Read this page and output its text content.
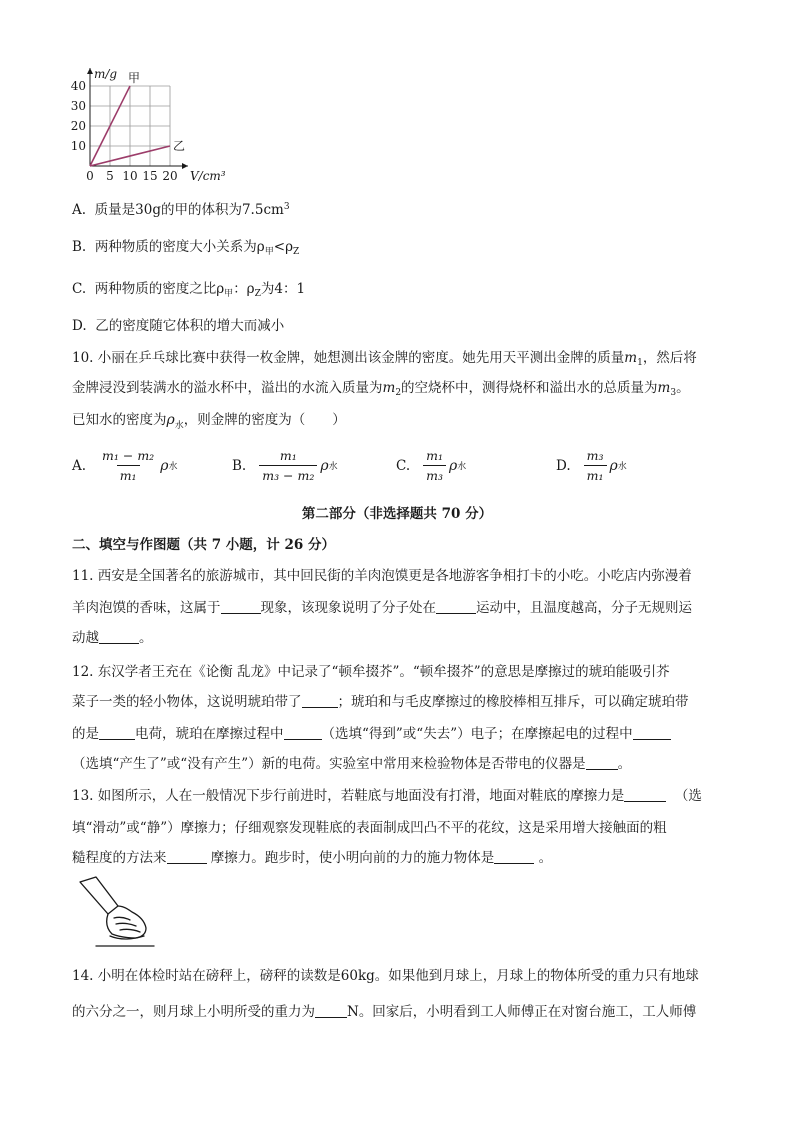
0 5 10 15 20
10
20
30
40
V/cm³
m/g 甲
乙
A. 质量是30g的甲的体积为$7.5cm^3$
B. 两种物质的密度大小关系为$\rho_甲<\rho_Z$
C. 两种物质的密度之比$\rho_甲$：$\rho_Z$为4：1
D. 乙的密度随它体积的增大而减小
10. 小丽在乒乓球比赛中获得一枚金牌，她想测出该金牌的密度。她先用天平测出金牌的质量$m_1$，然后将
金牌浸没到装满水的溢水杯中，溢出的水流入质量为$m_2$的空烧杯中，测得烧杯和溢出水的总质量为$m_3$。
已知水的密度为$\rho_水$，则金牌的密度为（　　）
A. $\frac{\text{m₁ − m₂}}{\text{m₁}}$ ρ 水	B. $\frac{\text{m₁}}{\text{m₃ − m₂}}$ ρ 水	C. $\frac{\text{m₁}}{\text{m₃}}$ ρ 水	D. $\frac{\text{m₃}}{\text{m₁}}$ ρ 水
第二部分（非选择题共 70 分）
二、填空与作图题（共 7 小题，计 26 分）
11. 西安是全国著名的旅游城市，其中回民街的羊肉泡馍更是各地游客争相打卡的小吃。小吃店内弥漫着
羊肉泡馍的香味，这属于	现象，该现象说明了分子处在	运动中，且温度越高，分子无规则运
动越	。
12. 东汉学者王充在《论衡 乱龙》中记录了“顿牟掇芥”。“顿牟掇芥”的意思是摩擦过的琥珀能吸引芥
菜子一类的轻小物体，这说明琥珀带了	；琥珀和与毛皮摩擦过的橡胶棒相互排斥，可以确定琥珀带
的是	电荷，琥珀在摩擦过程中	（选填“得到”或“失去”）电子；在摩擦起电的过程中
（选填“产生了”或“没有产生”）新的电荷。实验室中常用来检验物体是否带电的仪器是 。
13. 如图所示，人在一般情况下步行前进时，若鞋底与地面没有打滑，地面对鞋底的摩擦力是	（选
填“滑动”或“静”）摩擦力；仔细观察发现鞋底的表面制成凹凸不平的花纹，这是采用增大接触面的粗
糙程度的方法来	摩擦力。跑步时，使小明向前的力的施力物体是	。
14. 小明在体检时站在磅秤上，磅秤的读数是60kg。如果他到月球上，月球上的物体所受的重力只有地球
的六分之一，则月球上小明所受的重力为 N。回家后，小明看到工人师傅正在对窗台施工，工人师傅
